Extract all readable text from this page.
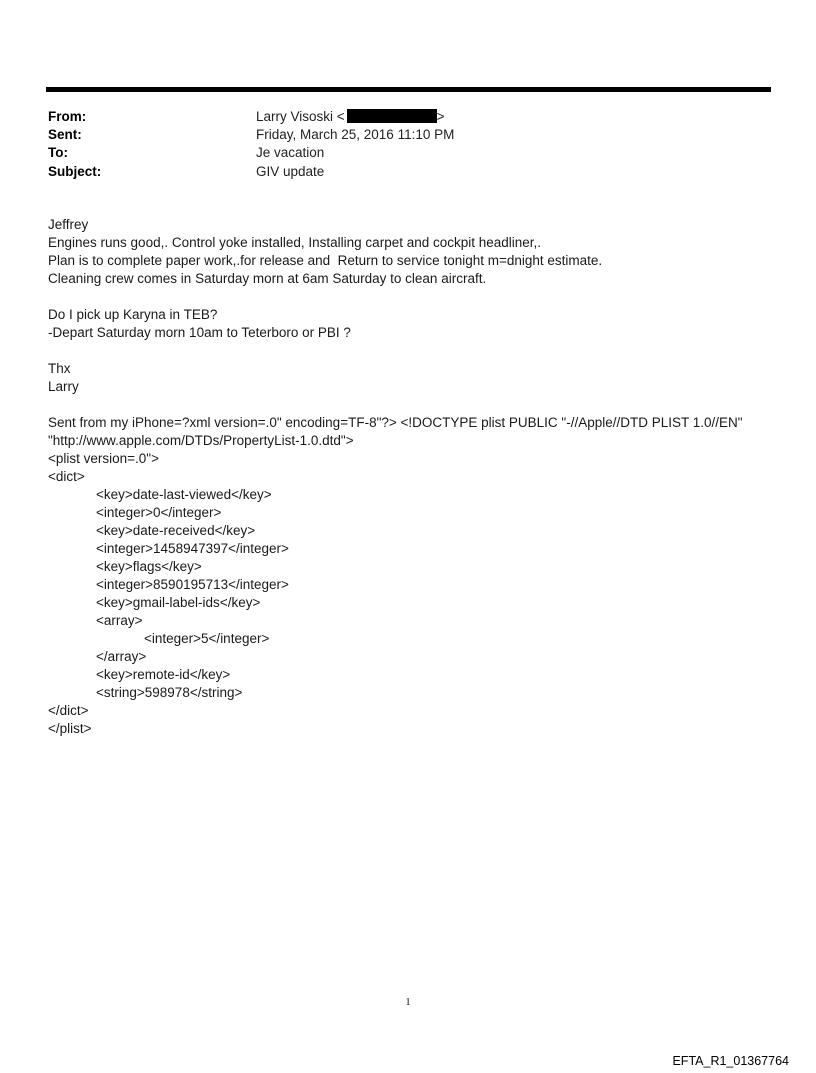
From:	Larry Visoski <	>
Sent:	Friday, March 25, 2016 11:10 PM
To:	Je vacation
Subject:	GIV update
Jeffrey
Engines runs good,. Control yoke installed, Installing carpet and cockpit headliner,.
Plan is to complete paper work,.for release and  Return to service tonight m=dnight estimate.
Cleaning crew comes in Saturday morn at 6am Saturday to clean aircraft.
Do I pick up Karyna in TEB?
-Depart Saturday morn 10am to Teterboro or PBI ?
Thx
Larry
Sent from my iPhone=?xml version=.0" encoding=TF-8"?> <!DOCTYPE plist PUBLIC "-//Apple//DTD PLIST 1.0//EN"
"http://www.apple.com/DTDs/PropertyList-1.0.dtd">
<plist version=.0">
<dict>
<key>date-last-viewed</key>
<integer>0</integer>
<key>date-received</key>
<integer>1458947397</integer>
<key>flags</key>
<integer>8590195713</integer>
<key>gmail-label-ids</key>
<array>
<integer>5</integer>
</array>
<key>remote-id</key>
<string>598978</string>
</dict>
</plist>
1
EFTA_R1_01367764
